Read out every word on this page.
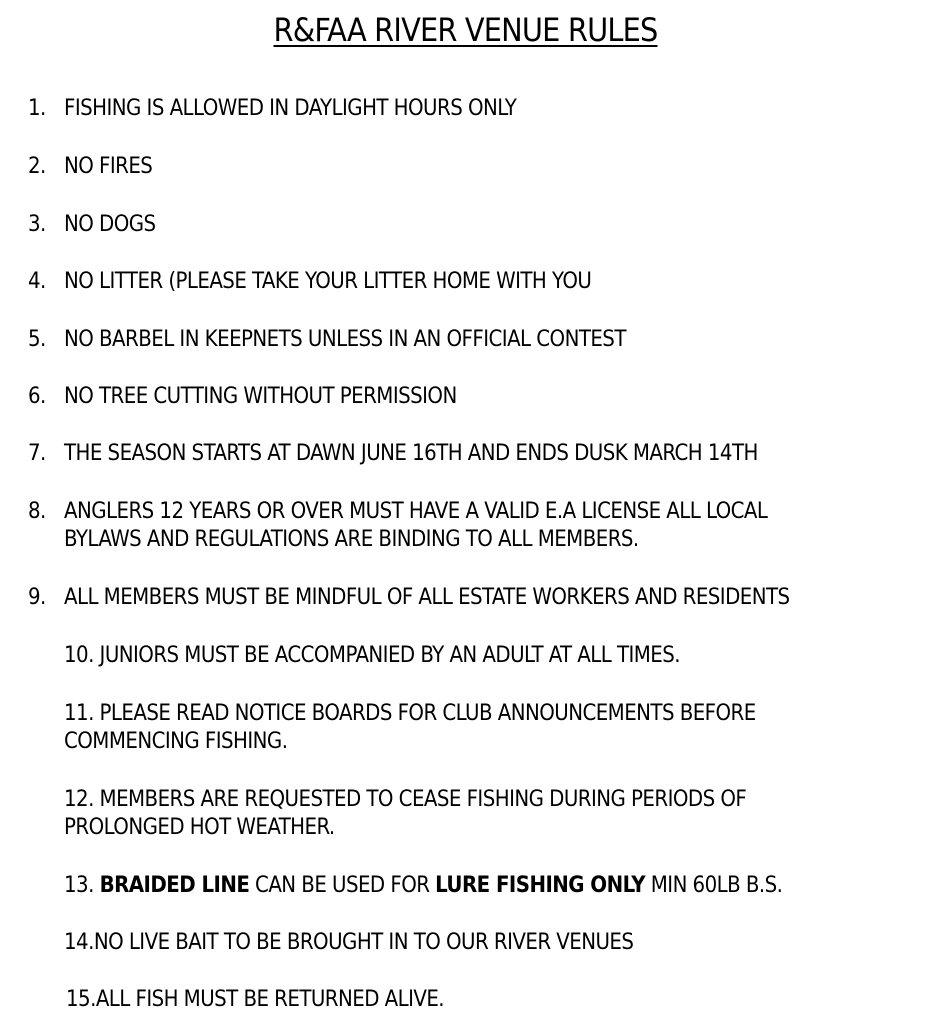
R&FAA RIVER VENUE RULES
1. FISHING IS ALLOWED IN DAYLIGHT HOURS ONLY
2. NO FIRES
3. NO DOGS
4. NO LITTER (PLEASE TAKE YOUR LITTER HOME WITH YOU
5. NO BARBEL IN KEEPNETS UNLESS IN AN OFFICIAL CONTEST
6. NO TREE CUTTING WITHOUT PERMISSION
7. THE SEASON STARTS AT DAWN JUNE 16TH AND ENDS DUSK MARCH 14TH
8. ANGLERS 12 YEARS OR OVER MUST HAVE A VALID E.A LICENSE ALL LOCAL
BYLAWS AND REGULATIONS ARE BINDING TO ALL MEMBERS.
9. ALL MEMBERS MUST BE MINDFUL OF ALL ESTATE WORKERS AND RESIDENTS
10. JUNIORS MUST BE ACCOMPANIED BY AN ADULT AT ALL TIMES.
11. PLEASE READ NOTICE BOARDS FOR CLUB ANNOUNCEMENTS BEFORE
COMMENCING FISHING.
12. MEMBERS ARE REQUESTED TO CEASE FISHING DURING PERIODS OF
PROLONGED HOT WEATHER.
13. BRAIDED LINE CAN BE USED FOR LURE FISHING ONLY MIN 60LB B.S.
14.NO LIVE BAIT TO BE BROUGHT IN TO OUR RIVER VENUES
15.ALL FISH MUST BE RETURNED ALIVE.
